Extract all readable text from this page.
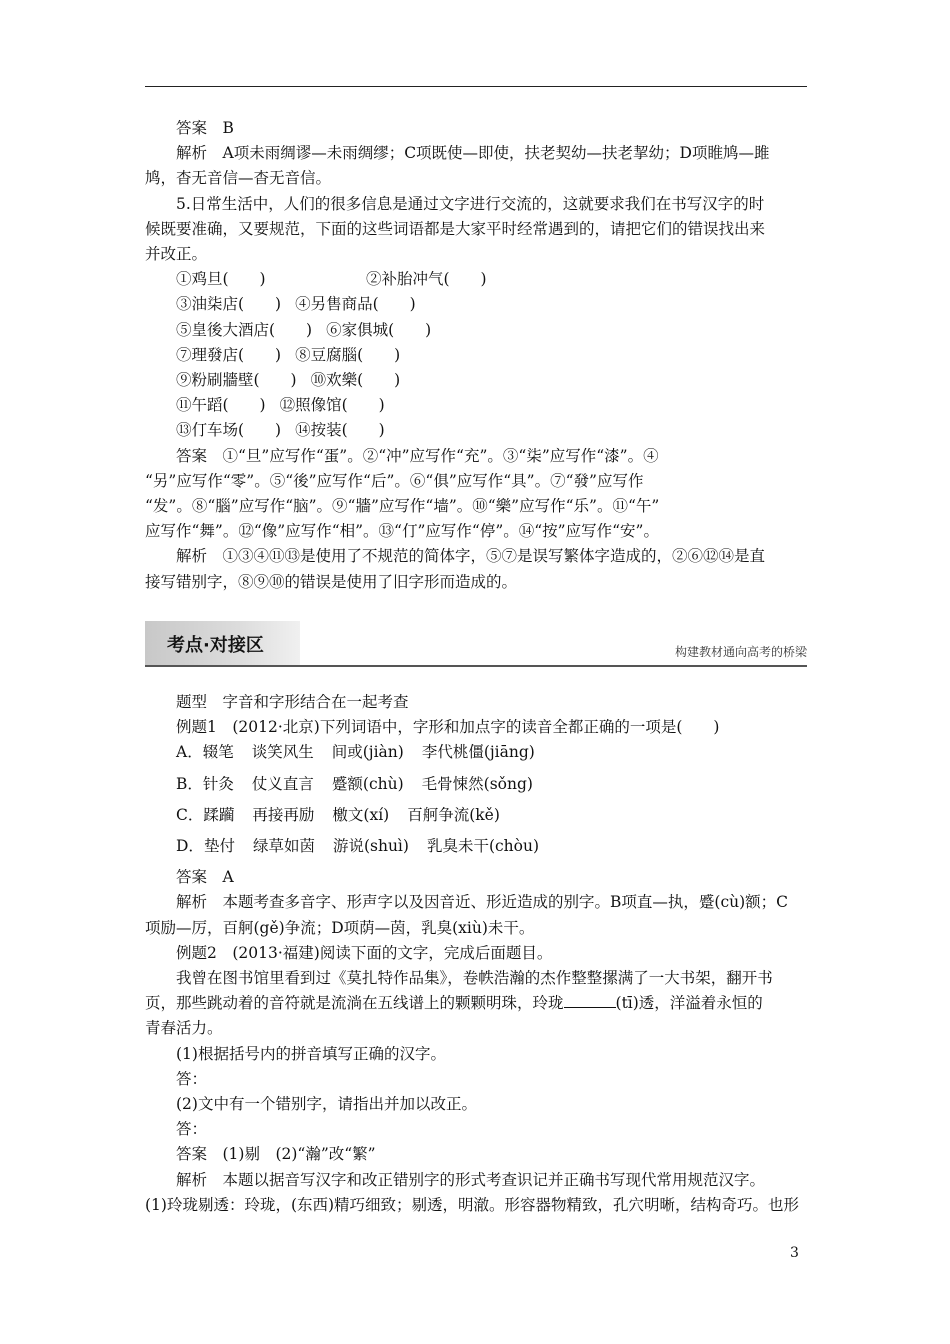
答案　B

解析　A项未雨绸谬—未雨绸缪；C项既使—即使，扶老契幼—扶老挈幼；D项睢鸠—雎

鸠，杳无音信—杳无音信。

5.日常生活中，人们的很多信息是通过文字进行交流的，这就要求我们在书写汉字的时

候既要准确，又要规范，下面的这些词语都是大家平时经常遇到的，请把它们的错误找出来

并改正。

①鸡旦(　　)	②补胎冲气(　　)

③油柒店(　　) ④另售商品(　　)

⑤皇後大酒店(　　) ⑥家俱城(　　)

⑦理發店(　　) ⑧豆腐腦(　　)

⑨粉刷牆壁(　　) ⑩欢樂(　　)

⑪午蹈(　　) ⑫照像馆(　　)

⑬仃车场(　　) ⑭按装(　　)

答案　①“旦”应写作“蛋”。②“冲”应写作“充”。③“柒”应写作“漆”。④

“另”应写作“零”。⑤“後”应写作“后”。⑥“俱”应写作“具”。⑦“發”应写作

“发”。⑧“腦”应写作“脑”。⑨“牆”应写作“墙”。⑩“樂”应写作“乐”。⑪“午”

应写作“舞”。⑫“像”应写作“相”。⑬“仃”应写作“停”。⑭“按”应写作“安”。

解析　①③④⑪⑬是使用了不规范的简体字，⑤⑦是误写繁体字造成的，②⑥⑫⑭是直

接写错别字，⑧⑨⑩的错误是使用了旧字形而造成的。

考点·对接区	构建教材通向高考的桥梁

题型　字音和字形结合在一起考查

例题1　(2012·北京)下列词语中，字形和加点字的读音全都正确的一项是(　　)

A．辍笔 谈笑风生 间或(jiàn) 李代桃僵(jiāng)

B．针灸 仗义直言 蹙额(chù) 毛骨悚然(sǒng)

C．蹂躏 再接再励 檄文(xí) 百舸争流(kě)

D．垫付 绿草如茵 游说(shuì) 乳臭未干(chòu)

答案　A

解析　本题考查多音字、形声字以及因音近、形近造成的别字。B项直—执，蹙(cù)额；C

项励—厉，百舸(gě)争流；D项荫—茵，乳臭(xiù)未干。

例题2　(2013·福建)阅读下面的文字，完成后面题目。

我曾在图书馆里看到过《莫扎特作品集》，卷帙浩瀚的杰作整整摞满了一大书架，翻开书

页，那些跳动着的音符就是流淌在五线谱上的颗颗明珠，玲珑	(tī)透，洋溢着永恒的

青春活力。

(1)根据括号内的拼音填写正确的汉字。

答：

(2)文中有一个错别字，请指出并加以改正。

答：

答案　(1)剔　(2)“瀚”改“繁”

解析　本题以据音写汉字和改正错别字的形式考查识记并正确书写现代常用规范汉字。

(1)玲珑剔透：玲珑，(东西)精巧细致；剔透，明澈。形容器物精致，孔穴明晰，结构奇巧。也形

3
